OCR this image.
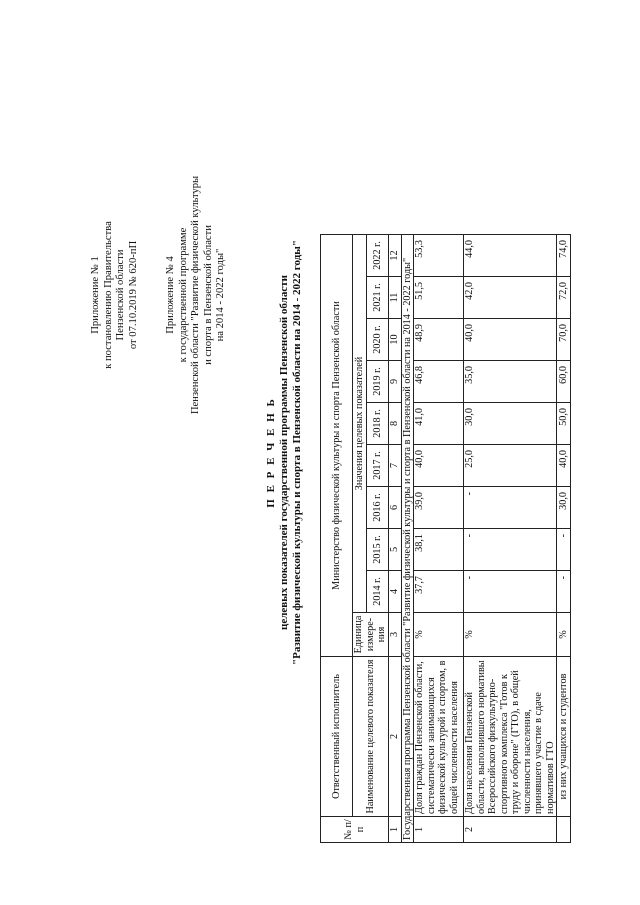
Приложение № 1 к постановлению Правительства Пензенской области от 07.10.2019 № 620-пП	Приложение № 4 к государственной программе Пензенской области "Развитие физической культуры и спорта в Пензенской области на 2014 - 2022 годы"
П Е Р Е Ч Е Н Ь целевых показателей государственной программы Пензенской области "Развитие физической культуры и спорта в Пензенской области на 2014 - 2022 годы"
№ п/п	Ответственный исполнитель	Министерство физической культуры и спорта Пензенской области									
	Наименование целевого показателя	Единица измере-ния	Значения целевых показателей								
			2014 г.	2015 г.	2016 г.	2017 г.	2018 г.	2019 г.	2020 г.	2021 г.	2022 г.
1	2	3	4	5	6	7	8	9	10	11	12
Государственная программа Пензенской области "Развитие физической культуры и спорта в Пензенской области на 2014 - 2022 годы"											
1	Доля граждан Пензенской области, систематически занимающихся физической культурой и спортом, в общей численности населения	%	37,7	38,1	39,0	40,0	41,0	46,8	48,9	51,5	53,3
2	Доля населения Пензенской области, выполнившего нормативы Всероссийского физкультурно-спортивного комплекса "Готов к труду и обороне" (ГТО), в общей численности населения, принявшего участие в сдаче нормативов ГТО	%	-	-	-	25,0	30,0	35,0	40,0	42,0	44,0
	из них учащихся и студентов	%	-	-	30,0	40,0	50,0	60,0	70,0	72,0	74,0
